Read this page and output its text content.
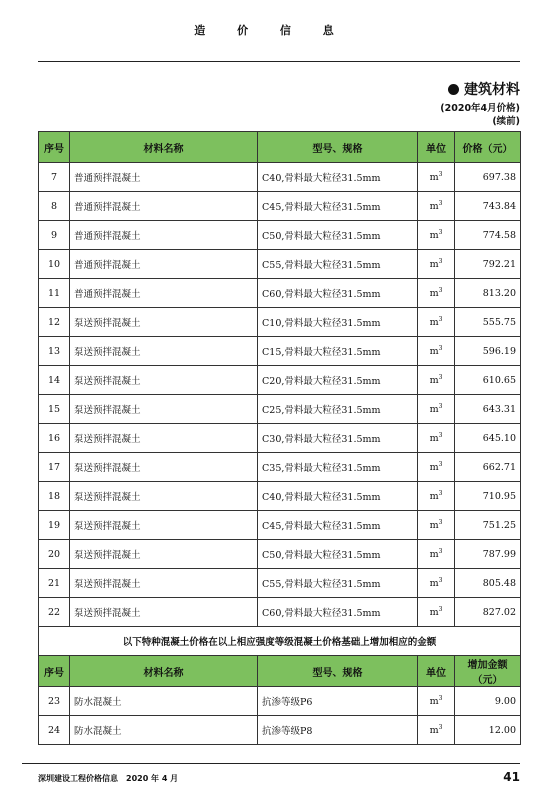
造 价 信 息
建筑材料
(2020年4月价格)
(续前)
序号	材料名称	型号、规格	单位	价格（元）
7	普通预拌混凝土	C40,骨料最大粒径31.5mm	$m^3$	697.38
8	普通预拌混凝土	C45,骨料最大粒径31.5mm	$m^3$	743.84
9	普通预拌混凝土	C50,骨料最大粒径31.5mm	$m^3$	774.58
10	普通预拌混凝土	C55,骨料最大粒径31.5mm	$m^3$	792.21
11	普通预拌混凝土	C60,骨料最大粒径31.5mm	$m^3$	813.20
12	泵送预拌混凝土	C10,骨料最大粒径31.5mm	$m^3$	555.75
13	泵送预拌混凝土	C15,骨料最大粒径31.5mm	$m^3$	596.19
14	泵送预拌混凝土	C20,骨料最大粒径31.5mm	$m^3$	610.65
15	泵送预拌混凝土	C25,骨料最大粒径31.5mm	$m^3$	643.31
16	泵送预拌混凝土	C30,骨料最大粒径31.5mm	$m^3$	645.10
17	泵送预拌混凝土	C35,骨料最大粒径31.5mm	$m^3$	662.71
18	泵送预拌混凝土	C40,骨料最大粒径31.5mm	$m^3$	710.95
19	泵送预拌混凝土	C45,骨料最大粒径31.5mm	$m^3$	751.25
20	泵送预拌混凝土	C50,骨料最大粒径31.5mm	$m^3$	787.99
21	泵送预拌混凝土	C55,骨料最大粒径31.5mm	$m^3$	805.48
22	泵送预拌混凝土	C60,骨料最大粒径31.5mm	$m^3$	827.02
以下特种混凝土价格在以上相应强度等级混凝土价格基础上增加相应的金额				
序号	材料名称	型号、规格	单位	增加金额
（元）

23	防水混凝土	抗渗等级P6	$m^3$	9.00
24	防水混凝土	抗渗等级P8	$m^3$	12.00
深圳建设工程价格信息　2020 年 4 月	41
